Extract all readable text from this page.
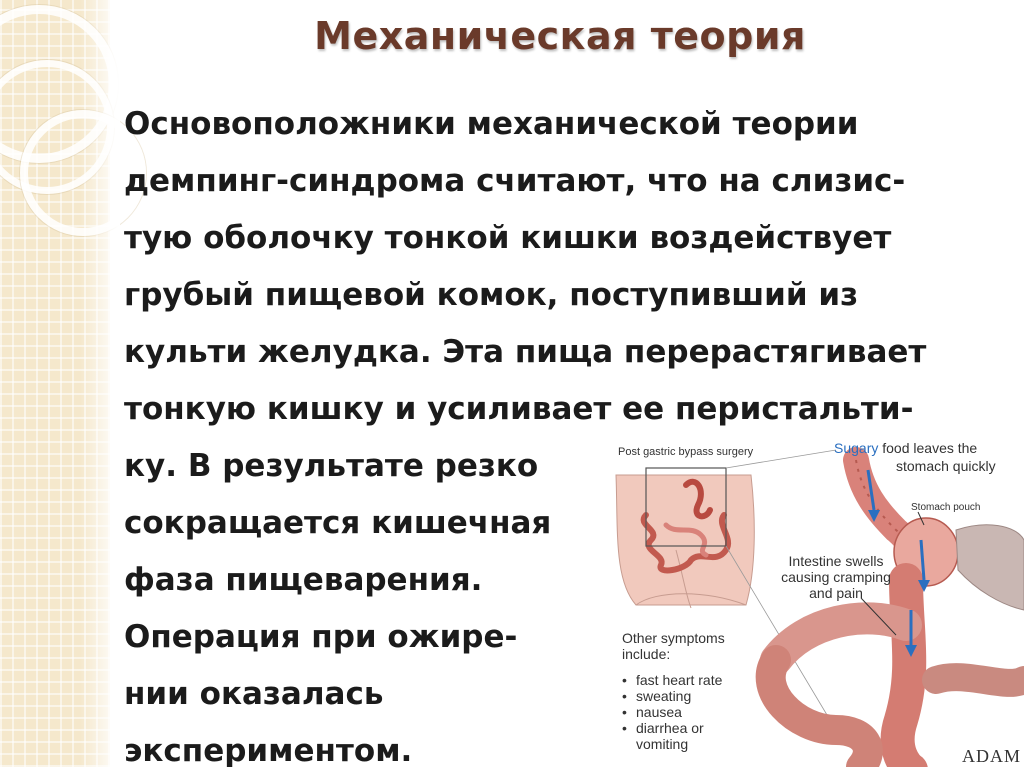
Механическая теория
Основоположники механической теории
демпинг-синдрома считают, что на слизис-
тую оболочку тонкой кишки воздействует
грубый пищевой комок, поступивший из
культи желудка. Эта пища перерастягивает
тонкую кишку и усиливает ее перистальти-
ку. В результате резко
сокращается кишечная
фаза пищеварения.
Операция при ожире-
нии оказалась
экспериментом.
Post gastric bypass surgery	Sugary food leaves the
stomach quickly
Stomach pouch
Intestine swells
causing cramping
and pain
Other symptoms
include:
• fast heart rate
• sweating
• nausea
• diarrhea or
vomiting
ADAM
